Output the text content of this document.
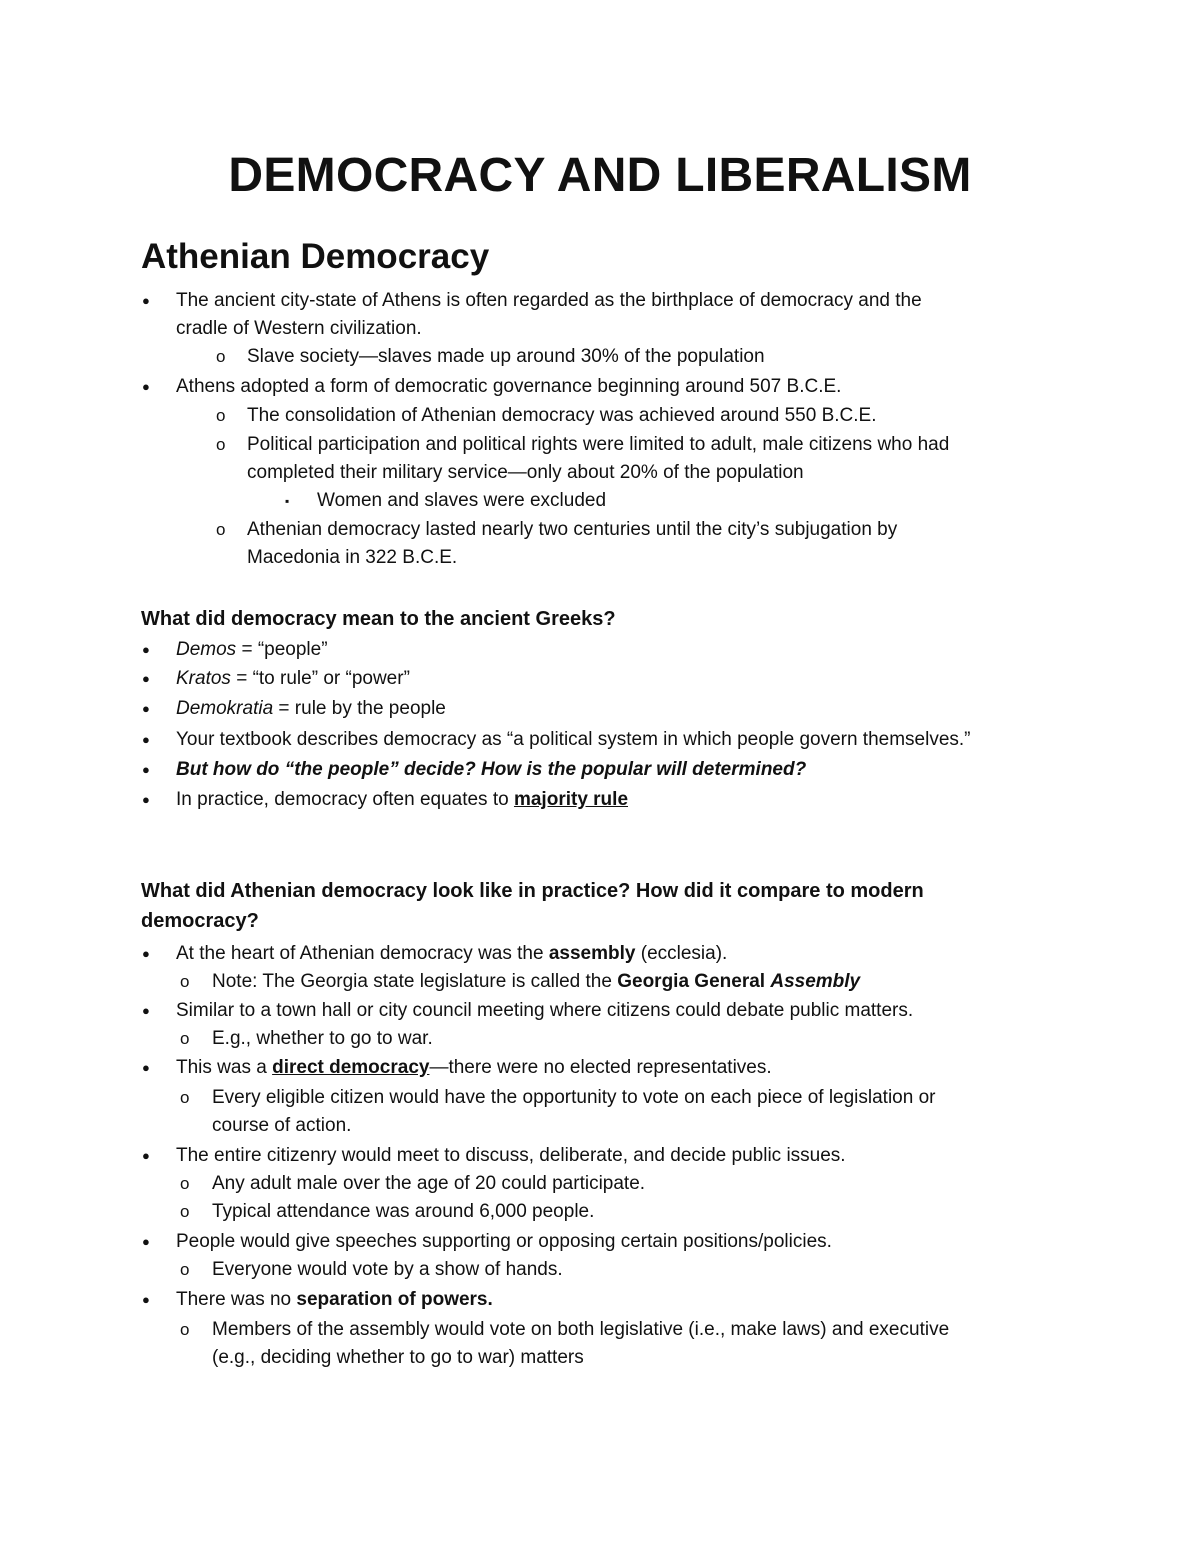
DEMOCRACY AND LIBERALISM
Athenian Democracy
● The ancient city-state of Athens is often regarded as the birthplace of democracy and the
cradle of Western civilization.
o Slave society—slaves made up around 30% of the population
● Athens adopted a form of democratic governance beginning around 507 B.C.E.
o The consolidation of Athenian democracy was achieved around 550 B.C.E.
o Political participation and political rights were limited to adult, male citizens who had
completed their military service—only about 20% of the population
▪ Women and slaves were excluded
o Athenian democracy lasted nearly two centuries until the city’s subjugation by
Macedonia in 322 B.C.E.
What did democracy mean to the ancient Greeks?
● Demos = “people”
● Kratos = “to rule” or “power”
● Demokratia = rule by the people
● Your textbook describes democracy as “a political system in which people govern themselves.”
● But how do “the people” decide? How is the popular will determined?
● In practice, democracy often equates to majority rule
What did Athenian democracy look like in practice? How did it compare to modern
democracy?
● At the heart of Athenian democracy was the assembly (ecclesia).
o Note: The Georgia state legislature is called the Georgia General Assembly
● Similar to a town hall or city council meeting where citizens could debate public matters.
o E.g., whether to go to war.
● This was a direct democracy—there were no elected representatives.
o Every eligible citizen would have the opportunity to vote on each piece of legislation or
course of action.
● The entire citizenry would meet to discuss, deliberate, and decide public issues.
o Any adult male over the age of 20 could participate.
o Typical attendance was around 6,000 people.
● People would give speeches supporting or opposing certain positions/policies.
o Everyone would vote by a show of hands.
● There was no separation of powers.
o Members of the assembly would vote on both legislative (i.e., make laws) and executive
(e.g., deciding whether to go to war) matters
